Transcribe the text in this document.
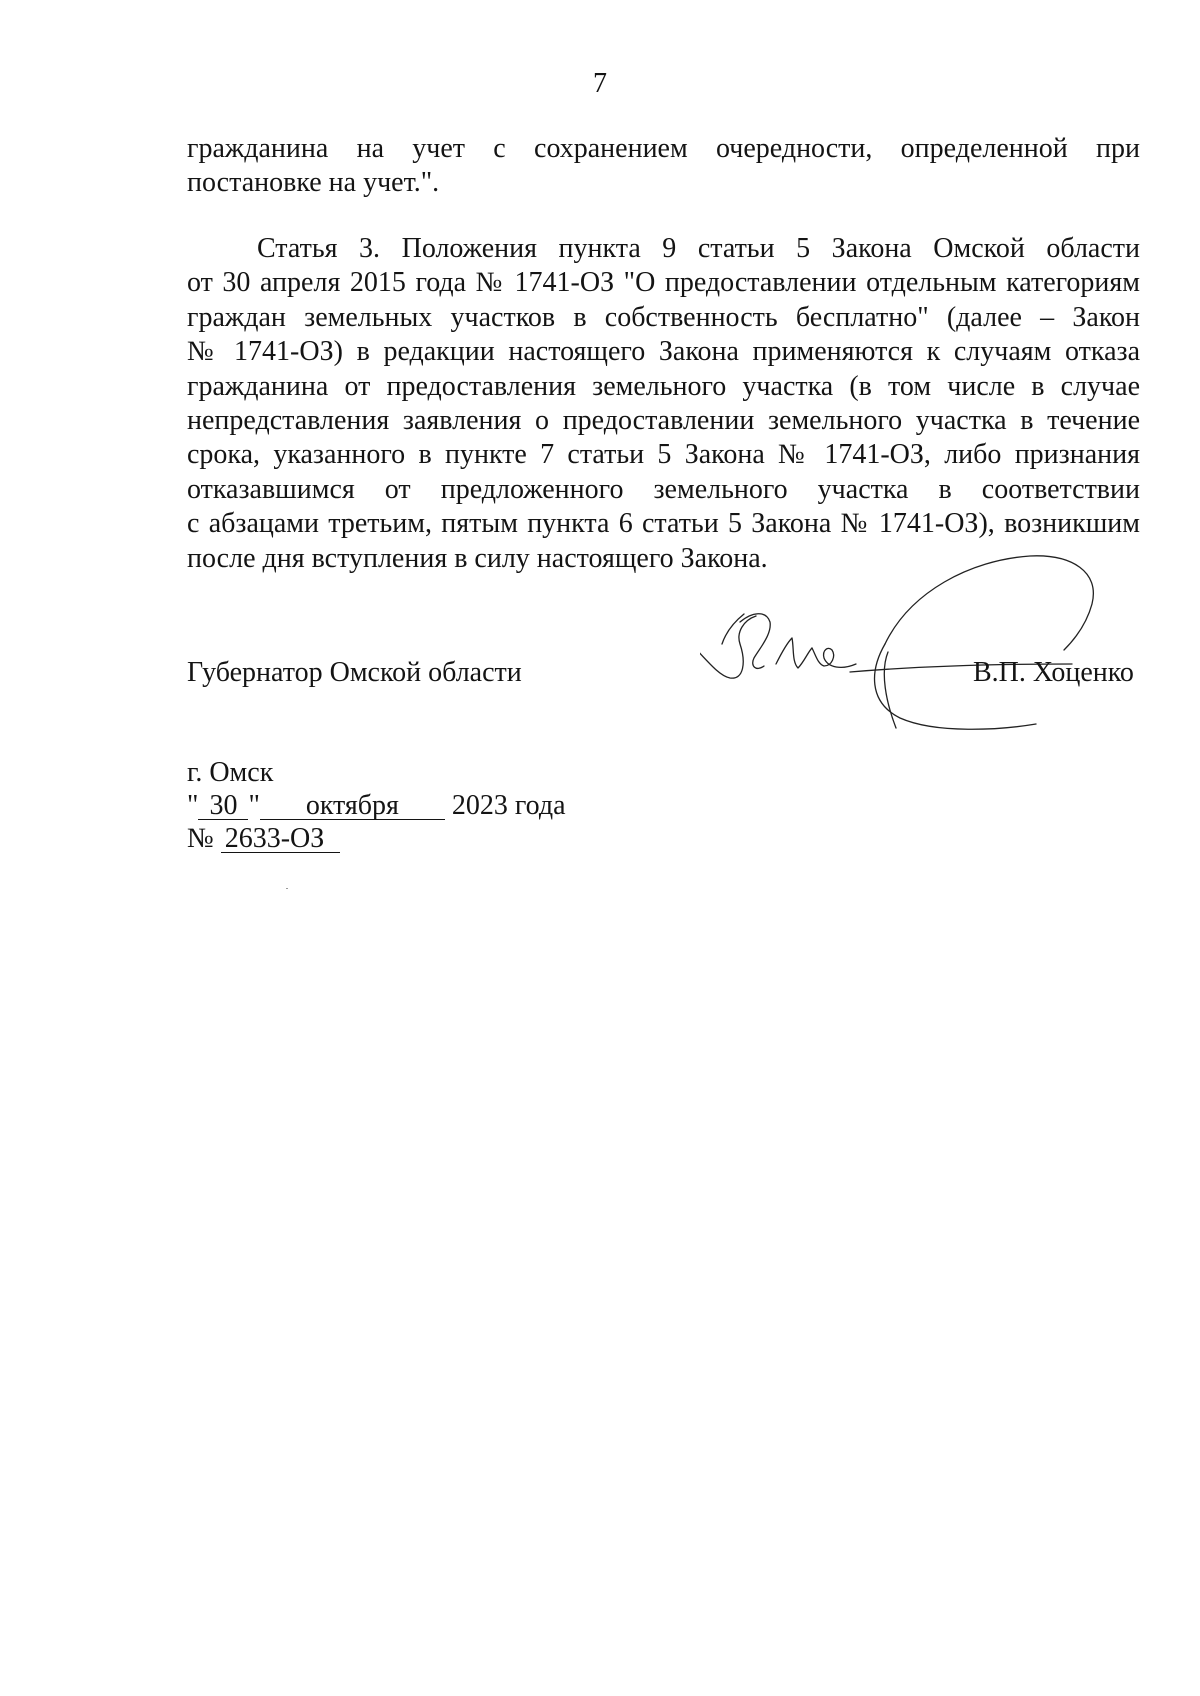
7
гражданина на учет с сохранением очередности, определенной при
постановке на учет.".
Статья 3. Положения пункта 9 статьи 5 Закона Омской области
от 30 апреля 2015 года № 1741-ОЗ "О предоставлении отдельным категориям
граждан земельных участков в собственность бесплатно" (далее – Закон
№ 1741-ОЗ) в редакции настоящего Закона применяются к случаям отказа
гражданина от предоставления земельного участка (в том числе в случае
непредставления заявления о предоставлении земельного участка в течение
срока, указанного в пункте 7 статьи 5 Закона № 1741-ОЗ, либо признания
отказавшимся от предложенного земельного участка в соответствии
с абзацами третьим, пятым пункта 6 статьи 5 Закона № 1741-ОЗ), возникшим
после дня вступления в силу настоящего Закона.
Губернатор Омской области	В.П. Хоценко
г. Омск
" 30 " октября 2023 года
№ 2633-ОЗ
